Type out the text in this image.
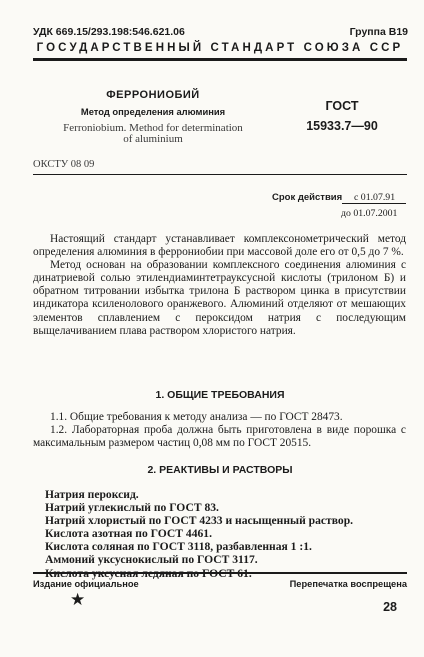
УДК 669.15/293.198:546.621.06	Группа В19
ГОСУДАРСТВЕННЫЙ СТАНДАРТ СОЮЗА ССР
ФЕРРОНИОБИЙ
Метод определения алюминия
Ferroniobium. Method for determination
of aluminium
ГОСТ
15933.7—90
ОКСТУ 08 09
Срок действия с 01.07.91
до 01.07.2001

Настоящий стандарт устанавливает комплексонометрический метод определения алюминия в феррониобии при массовой доле его от 0,5 до 7 %.

Метод основан на образовании комплексного соединения алюминия с динатриевой солью этилендиаминтетрауксусной кислоты (трилоном Б) и обратном титровании избытка трилона Б раствором цинка в присутствии индикатора ксиленолового оранжевого. Алюминий отделяют от мешающих элементов сплавлением с пероксидом натрия с последующим выщелачиванием плава раствором хлористого натрия.

1. ОБЩИЕ ТРЕБОВАНИЯ

1.1. Общие требования к методу анализа — по ГОСТ 28473.

1.2. Лабораторная проба должна быть приготовлена в виде порошка с максимальным размером частиц 0,08 мм по ГОСТ 20515.

2. РЕАКТИВЫ И РАСТВОРЫ
Натрия пероксид.
Натрий углекислый по ГОСТ 83.
Натрий хлористый по ГОСТ 4233 и насыщенный раствор.
Кислота азотная по ГОСТ 4461.
Кислота соляная по ГОСТ 3118, разбавленная 1 :1.
Аммоний уксуснокислый по ГОСТ 3117.
Издание официальное	Перепечатка воспрещена
★	28
